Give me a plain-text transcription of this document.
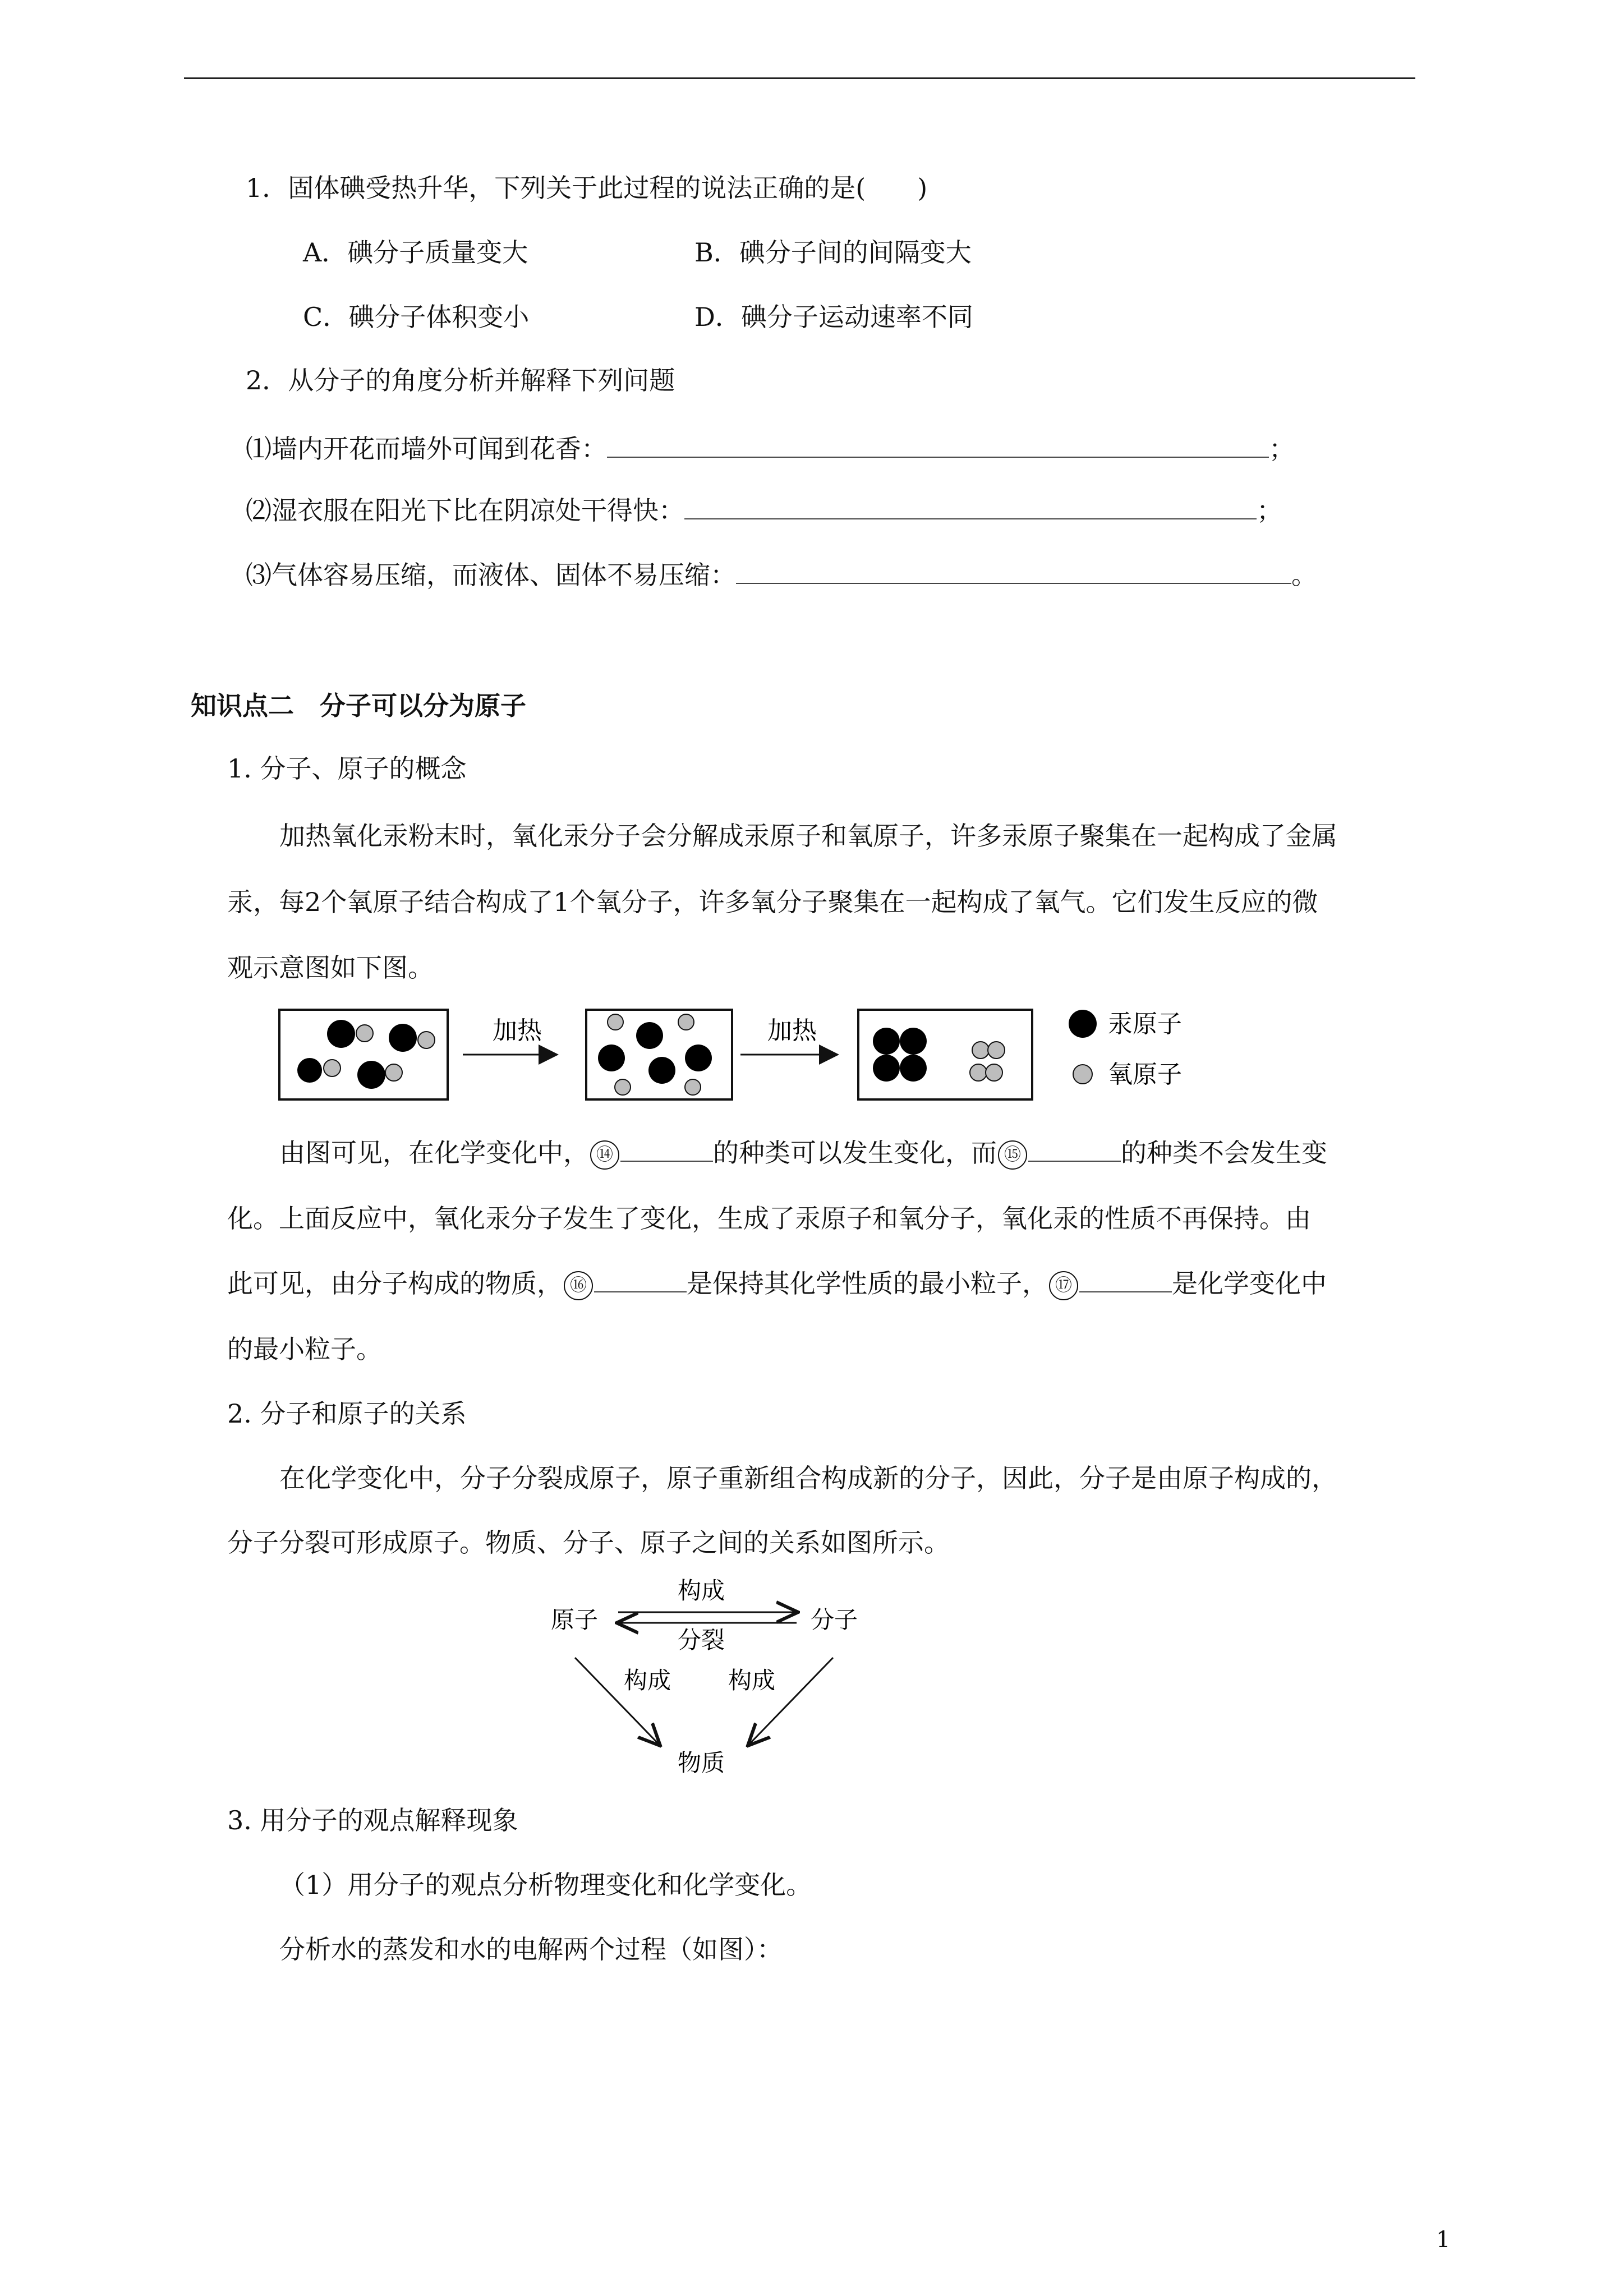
1．固体碘受热升华，下列关于此过程的说法正确的是(　　)
A．碘分子质量变大	B．碘分子间的间隔变大
C．碘分子体积变小	D．碘分子运动速率不同
2．从分子的角度分析并解释下列问题
⑴墙内开花而墙外可闻到花香：	；
⑵湿衣服在阳光下比在阴凉处干得快：	；
⑶气体容易压缩，而液体、固体不易压缩：	。
知识点二　分子可以分为原子
1. 分子、原子的概念
加热氧化汞粉末时，氧化汞分子会分解成汞原子和氧原子，许多汞原子聚集在一起构成了金属
汞，每2个氧原子结合构成了1个氧分子，许多氧分子聚集在一起构成了氧气。它们发生反应的微
观示意图如下图。
加热	加热	汞原子
氧原子
由图可见，在化学变化中， ⑭	的种类可以发生变化，而 ⑮	的种类不会发生变
化。上面反应中，氧化汞分子发生了变化，生成了汞原子和氧分子，氧化汞的性质不再保持。由
此可见，由分子构成的物质， ⑯	是保持其化学性质的最小粒子， ⑰	是化学变化中
的最小粒子。
2. 分子和原子的关系
在化学变化中，分子分裂成原子，原子重新组合构成新的分子，因此，分子是由原子构成的，
分子分裂可形成原子。物质、分子、原子之间的关系如图所示。
原子	分子
物质
构成
分裂
构成 构成
3. 用分子的观点解释现象
（1）用分子的观点分析物理变化和化学变化。
分析水的蒸发和水的电解两个过程（如图）：
1
